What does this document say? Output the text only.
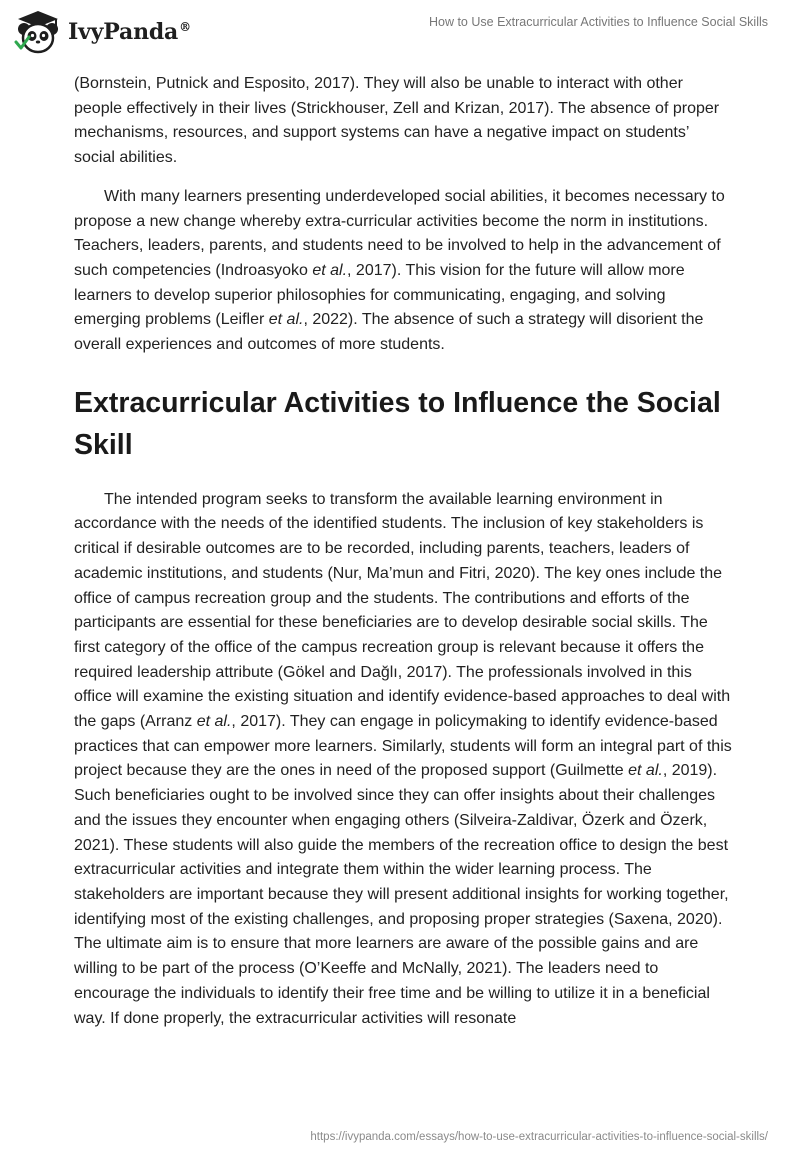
IvyPanda®	How to Use Extracurricular Activities to Influence Social Skills

(Bornstein, Putnick and Esposito, 2017). They will also be unable to interact with other people effectively in their lives (Strickhouser, Zell and Krizan, 2017). The absence of proper mechanisms, resources, and support systems can have a negative impact on students’ social abilities.

With many learners presenting underdeveloped social abilities, it becomes necessary to propose a new change whereby extra-curricular activities become the norm in institutions. Teachers, leaders, parents, and students need to be involved to help in the advancement of such competencies (Indroasyoko et al., 2017). This vision for the future will allow more learners to develop superior philosophies for communicating, engaging, and solving emerging problems (Leifler et al., 2022). The absence of such a strategy will disorient the overall experiences and outcomes of more students.

Extracurricular Activities to Influence the Social Skill

The intended program seeks to transform the available learning environment in accordance with the needs of the identified students. The inclusion of key stakeholders is critical if desirable outcomes are to be recorded, including parents, teachers, leaders of academic institutions, and students (Nur, Ma’mun and Fitri, 2020). The key ones include the office of campus recreation group and the students. The contributions and efforts of the participants are essential for these beneficiaries are to develop desirable social skills. The first category of the office of the campus recreation group is relevant because it offers the required leadership attribute (Gökel and Dağlı, 2017). The professionals involved in this office will examine the existing situation and identify evidence-based approaches to deal with the gaps (Arranz et al., 2017). They can engage in policymaking to identify evidence-based practices that can empower more learners. Similarly, students will form an integral part of this project because they are the ones in need of the proposed support (Guilmette et al., 2019). Such beneficiaries ought to be involved since they can offer insights about their challenges and the issues they encounter when engaging others (Silveira-Zaldivar, Özerk and Özerk, 2021). These students will also guide the members of the recreation office to design the best extracurricular activities and integrate them within the wider learning process. The stakeholders are important because they will present additional insights for working together, identifying most of the existing challenges, and proposing proper strategies (Saxena, 2020). The ultimate aim is to ensure that more learners are aware of the possible gains and are willing to be part of the process (O’Keeffe and McNally, 2021). The leaders need to encourage the individuals to identify their free time and be willing to utilize it in a beneficial way. If done properly, the extracurricular activities will resonate

https://ivypanda.com/essays/how-to-use-extracurricular-activities-to-influence-social-skills/
